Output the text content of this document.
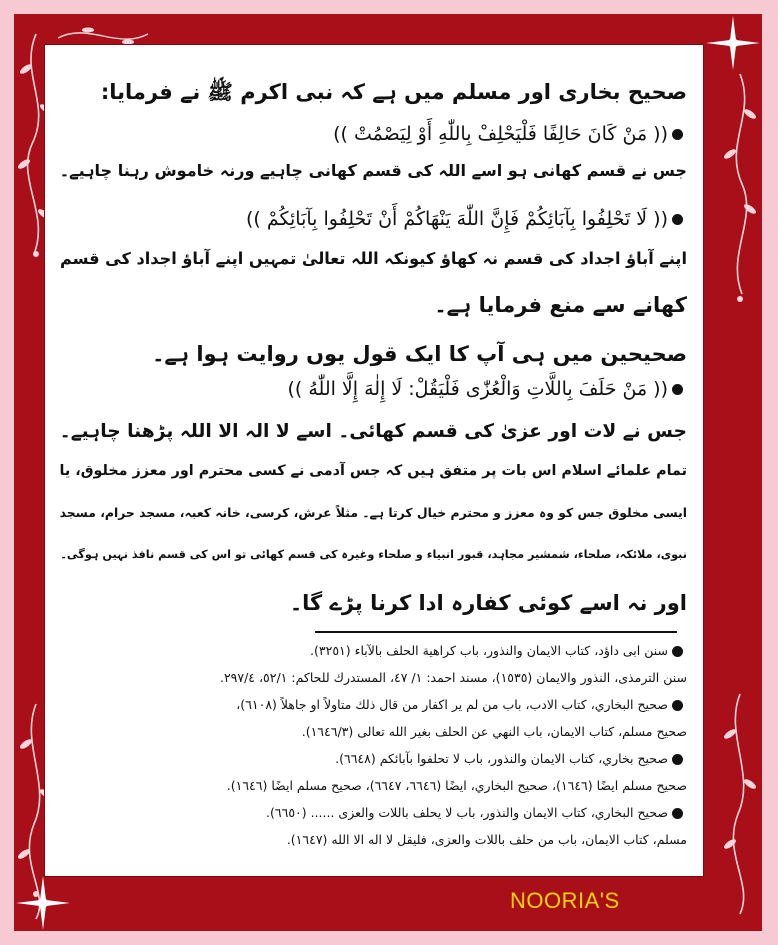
صحیح بخاری اور مسلم میں ہے کہ نبی اکرم ﷺ نے فرمایا:
(( مَنْ كَانَ حَالِفًا فَلْيَحْلِفْ بِاللّٰهِ أَوْ لِيَصْمُتْ ))
جس نے قسم کھانی ہو اسے اللہ کی قسم کھانی چاہیے ورنہ خاموش رہنا چاہیے۔
(( لَا تَحْلِفُوا بِآبَائِكُمْ فَإِنَّ اللّٰهَ يَنْهَاكُمْ أَنْ تَحْلِفُوا بِآبَائِكُمْ ))
اپنے آباؤ اجداد کی قسم نہ کھاؤ کیونکہ اللہ تعالیٰ تمہیں اپنے آباؤ اجداد کی قسم
کھانے سے منع فرمایا ہے۔
صحیحین میں ہی آپ کا ایک قول یوں روایت ہوا ہے۔
(( مَنْ حَلَفَ بِاللَّاتِ وَالْعُزّٰى فَلْيَقُلْ: لَا إِلٰهَ إِلَّا اللّٰهُ ))
جس نے لات اور عزیٰ کی قسم کھائی۔ اسے لا الہ الا اللہ پڑھنا چاہیے۔
تمام علمائے اسلام اس بات پر متفق ہیں کہ جس آدمی نے کسی محترم اور معزز مخلوق، یا
ایسی مخلوق جس کو وہ معزز و محترم خیال کرتا ہے۔ مثلاً عرش، کرسی، خانہ کعبہ، مسجد حرام، مسجد
نبوی، ملائکہ، صلحاء، شمشیر مجاہد، قبور انبیاء و صلحاء وغیرہ کی قسم کھائی تو اس کی قسم نافذ نہیں ہوگی۔
اور نہ اسے کوئی کفارہ ادا کرنا پڑے گا۔
سنن ابی داؤد، کتاب الایمان والنذور، باب کراهیة الحلف بالآباء (٣٢٥١).
سنن الترمذی، النذور والایمان (١٥٣٥)، مسند احمد: ١/ ٤٧، المستدرك للحاكم: ٥٢/١، ٢٩٧/٤.
صحيح البخاري، كتاب الادب، باب من لم ير اكفار من قال ذلك متاولاً او جاهلاً (٦١٠٨)،
صحيح مسلم، كتاب الايمان، باب النهي عن الحلف بغير الله تعالى (١٦٤٦/٣).
صحيح بخاري، كتاب الايمان والنذور، باب لا تحلفوا بآبائكم (٦٦٤٨).
صحيح مسلم ايضًا (١٦٤٦)، صحيح البخاري، ايضًا (٦٦٤٦، ٦٦٤٧)، صحيح مسلم ايضًا (١٦٤٦).
صحيح البخاري، كتاب الايمان والنذور، باب لا يحلف باللات والعزى ...... (٦٦٥٠).
مسلم، كتاب الايمان، باب من حلف باللات والعزى، فليقل لا اله الا الله (١٦٤٧).
NOORIA'S
